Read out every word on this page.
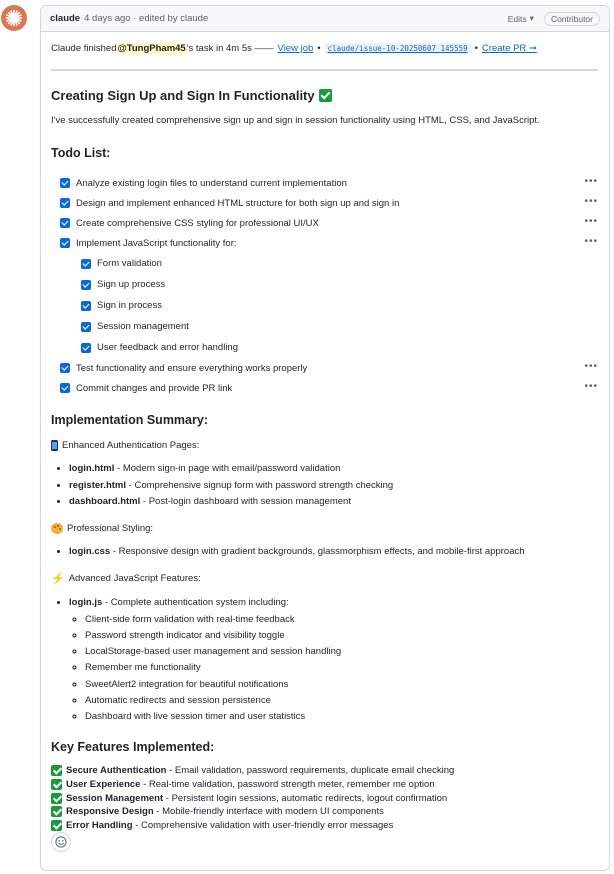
claude 4 days ago · edited by claude	Edits ▾	Contributor
Claude finished @TungPham45 's task in 4m 5s —— View job • claude/issue-10-20250607_145559 • Create PR ➞
Creating Sign Up and Sign In Functionality

I've successfully created comprehensive sign up and sign in session functionality using HTML, CSS, and JavaScript.

Todo List:
Analyze existing login files to understand current implementation	•••
Design and implement enhanced HTML structure for both sign up and sign in	•••
Create comprehensive CSS styling for professional UI/UX	•••
Implement JavaScript functionality for:	•••
Form validation
Sign up process
Sign in process
Session management
User feedback and error handling
Test functionality and ensure everything works properly	•••
Commit changes and provide PR link	•••
Implementation Summary:
Enhanced Authentication Pages:
• login.html - Modern sign-in page with email/password validation
• register.html - Comprehensive signup form with password strength checking
• dashboard.html - Post-login dashboard with session management
Professional Styling:
• login.css - Responsive design with gradient backgrounds, glassmorphism effects, and mobile-first approach
⚡ Advanced JavaScript Features:
• login.js - Complete authentication system including:
◦ Client-side form validation with real-time feedback
◦ Password strength indicator and visibility toggle
◦ LocalStorage-based user management and session handling
◦ Remember me functionality
◦ SweetAlert2 integration for beautiful notifications
◦ Automatic redirects and session persistence
◦ Dashboard with live session timer and user statistics
Key Features Implemented:
Secure Authentication - Email validation, password requirements, duplicate email checking
User Experience - Real-time validation, password strength meter, remember me option
Session Management - Persistent login sessions, automatic redirects, logout confirmation
Responsive Design - Mobile-friendly interface with modern UI components
Error Handling - Comprehensive validation with user-friendly error messages
